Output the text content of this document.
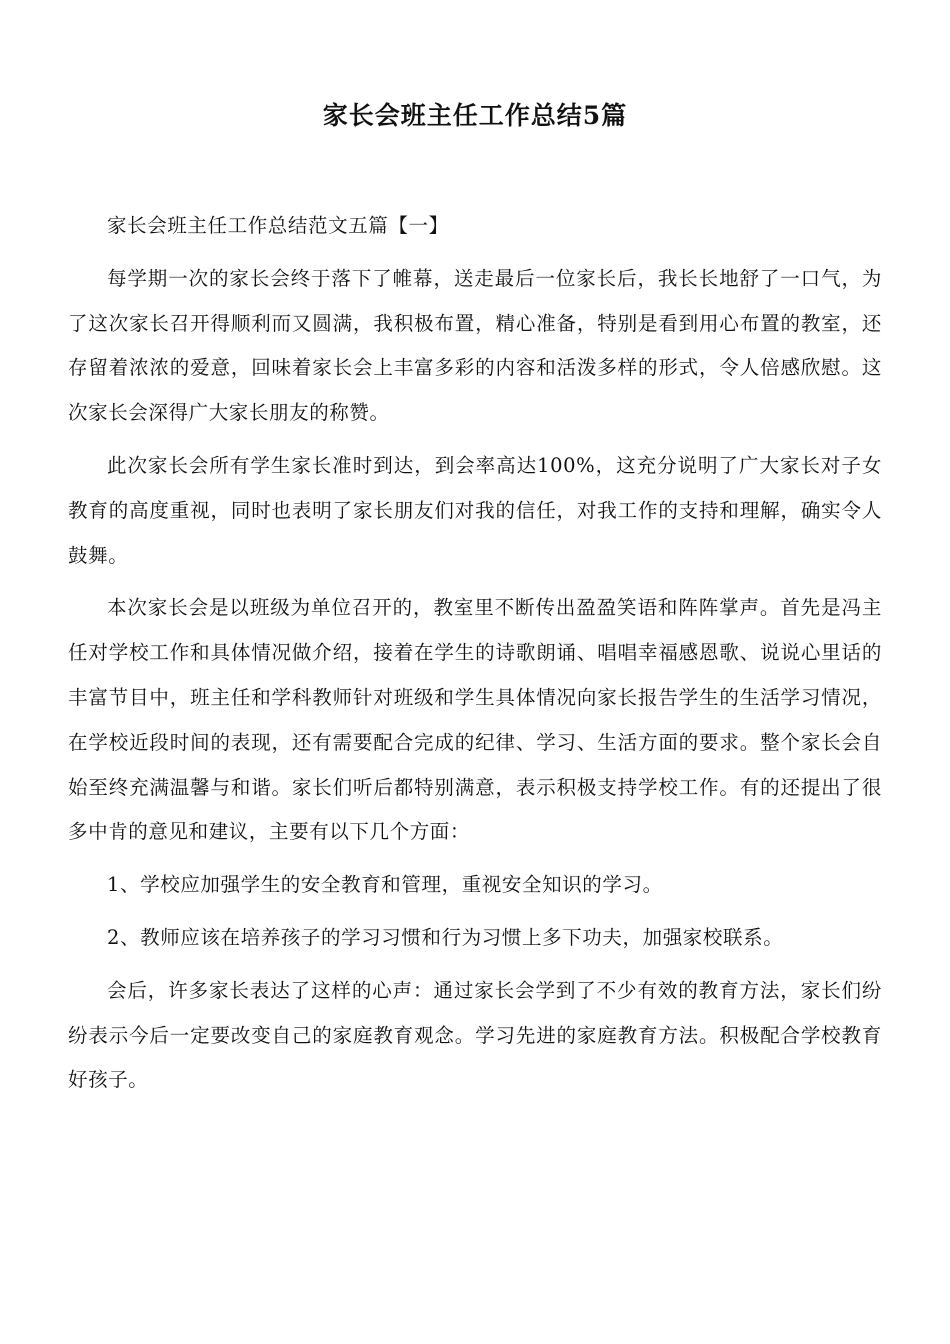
家长会班主任工作总结5篇

家长会班主任工作总结范文五篇【一】

每学期一次的家长会终于落下了帷幕，送走最后一位家长后，我长长地舒了一口气，为了这次家长召开得顺利而又圆满，我积极布置，精心准备，特别是看到用心布置的教室，还存留着浓浓的爱意，回味着家长会上丰富多彩的内容和活泼多样的形式，令人倍感欣慰。这次家长会深得广大家长朋友的称赞。

此次家长会所有学生家长准时到达，到会率高达100%，这充分说明了广大家长对子女教育的高度重视，同时也表明了家长朋友们对我的信任，对我工作的支持和理解，确实令人鼓舞。

本次家长会是以班级为单位召开的，教室里不断传出盈盈笑语和阵阵掌声。首先是冯主任对学校工作和具体情况做介绍，接着在学生的诗歌朗诵、唱唱幸福感恩歌、说说心里话的丰富节目中，班主任和学科教师针对班级和学生具体情况向家长报告学生的生活学习情况，在学校近段时间的表现，还有需要配合完成的纪律、学习、生活方面的要求。整个家长会自始至终充满温馨与和谐。家长们听后都特别满意，表示积极支持学校工作。有的还提出了很多中肯的意见和建议，主要有以下几个方面：

1、学校应加强学生的安全教育和管理，重视安全知识的学习。

2、教师应该在培养孩子的学习习惯和行为习惯上多下功夫，加强家校联系。

会后，许多家长表达了这样的心声：通过家长会学到了不少有效的教育方法，家长们纷纷表示今后一定要改变自己的家庭教育观念。学习先进的家庭教育方法。积极配合学校教育好孩子。
